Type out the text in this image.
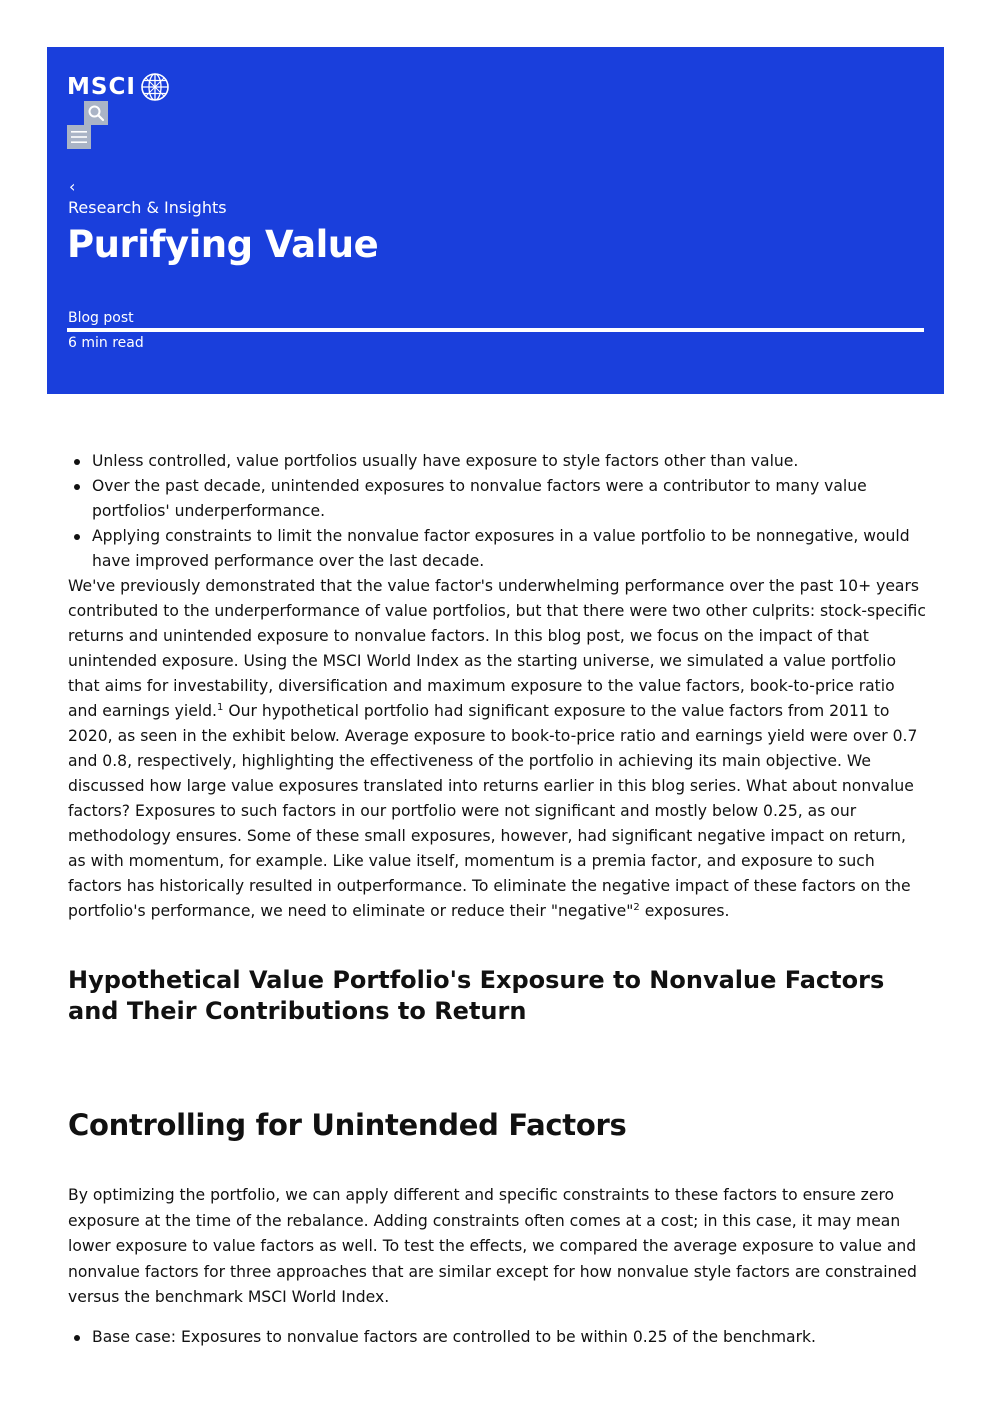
MSCI
‹
Research & Insights
Purifying Value
Blog post
6 min read
Unless controlled, value portfolios usually have exposure to style factors other than value.
Over the past decade, unintended exposures to nonvalue factors were a contributor to many value portfolios' underperformance.
Applying constraints to limit the nonvalue factor exposures in a value portfolio to be nonnegative, would have improved performance over the last decade.

We've previously demonstrated that the value factor's underwhelming performance over the past 10+ years contributed to the underperformance of value portfolios, but that there were two other culprits: stock-specific returns and unintended exposure to nonvalue factors. In this blog post, we focus on the impact of that unintended exposure. Using the MSCI World Index as the starting universe, we simulated a value portfolio that aims for investability, diversification and maximum exposure to the value factors, book-to-price ratio and earnings yield.$^1$ Our hypothetical portfolio had significant exposure to the value factors from 2011 to 2020, as seen in the exhibit below. Average exposure to book-to-price ratio and earnings yield were over 0.7 and 0.8, respectively, highlighting the effectiveness of the portfolio in achieving its main objective. We discussed how large value exposures translated into returns earlier in this blog series. What about nonvalue factors? Exposures to such factors in our portfolio were not significant and mostly below 0.25, as our methodology ensures. Some of these small exposures, however, had significant negative impact on return, as with momentum, for example. Like value itself, momentum is a premia factor, and exposure to such factors has historically resulted in outperformance. To eliminate the negative impact of these factors on the portfolio's performance, we need to eliminate or reduce their "negative"$^2$ exposures.

Hypothetical Value Portfolio's Exposure to Nonvalue Factors and Their Contributions to Return
Controlling for Unintended Factors

By optimizing the portfolio, we can apply different and specific constraints to these factors to ensure zero exposure at the time of the rebalance. Adding constraints often comes at a cost; in this case, it may mean lower exposure to value factors as well. To test the effects, we compared the average exposure to value and nonvalue factors for three approaches that are similar except for how nonvalue style factors are constrained versus the benchmark MSCI World Index.

Base case: Exposures to nonvalue factors are controlled to be within 0.25 of the benchmark.
